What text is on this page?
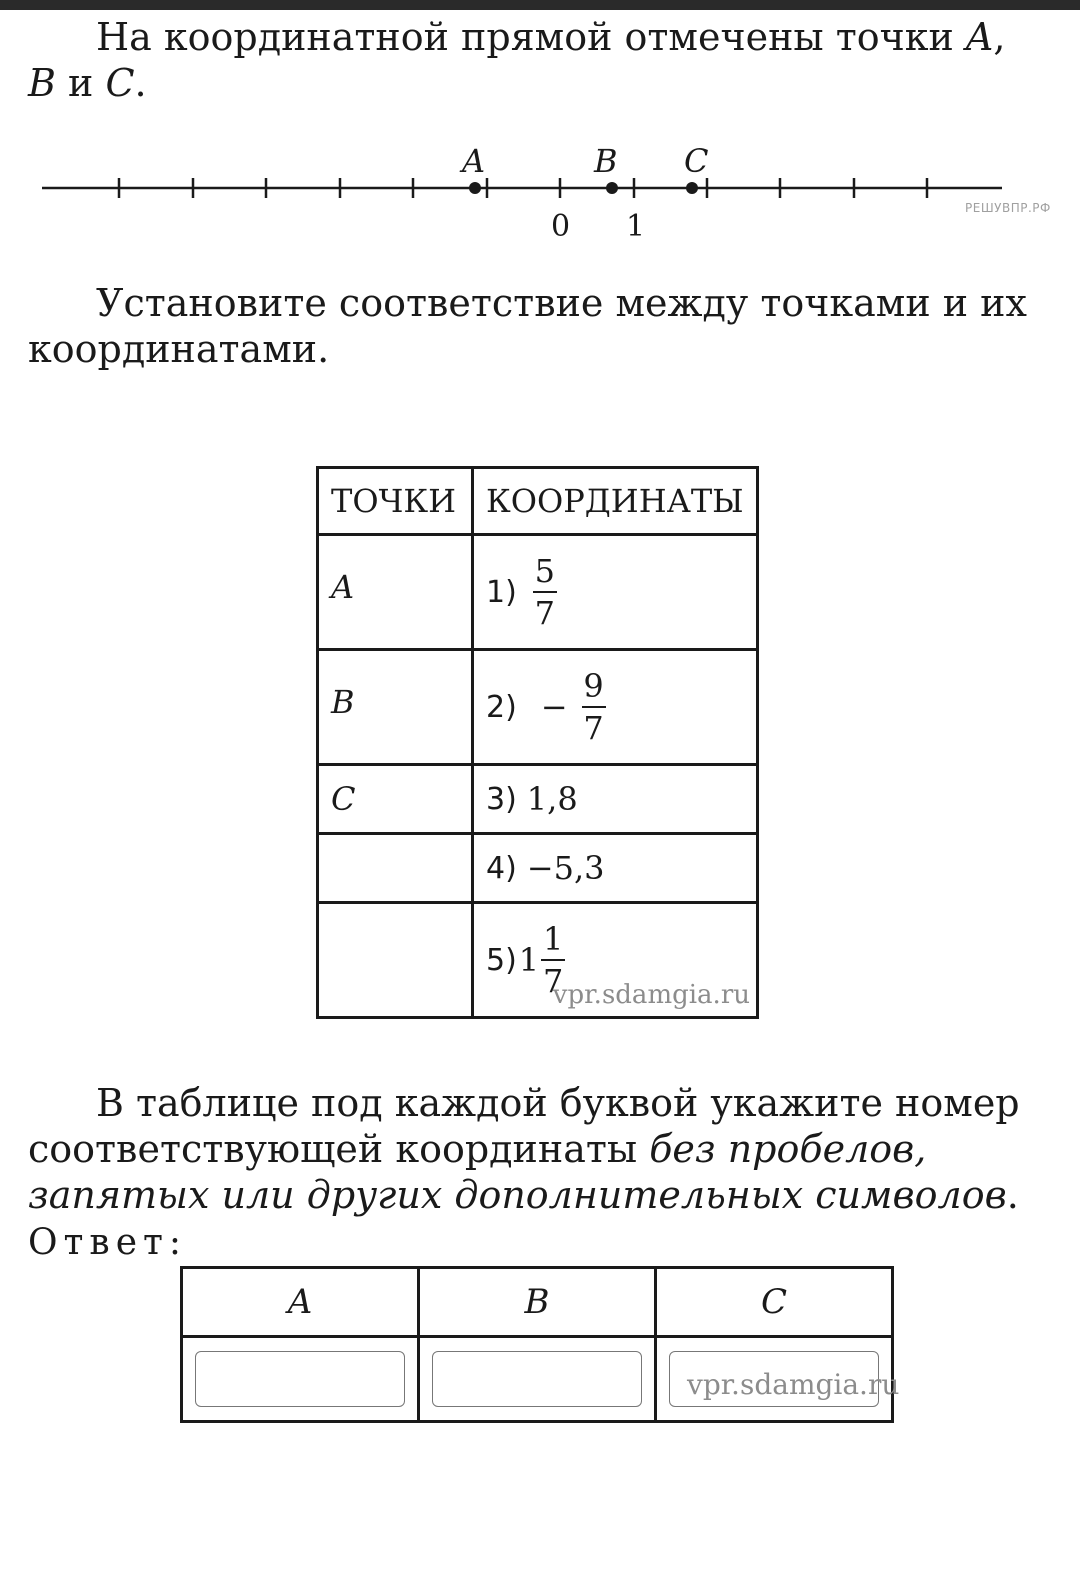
На координатной прямой отмечены точки A,
B и C.

A	B C
0 1
РЕШУВПР.РФ

Установите соответствие между точками и их координатами.

ТОЧКИ	КООРДИНАТЫ
A	$1) \frac{5}{7}$

B	$2) - \frac{9}{7}$

C	3) 1,8

	4) −5,3

	5) $1 \frac{1}{7}$
vpr.sdamgia.ru

В таблице под каждой буквой укажите номер соответствующей координаты без пробелов, запятых или других дополнительных символов.

Ответ:
A	B	C

vpr.sdamgia.ru
